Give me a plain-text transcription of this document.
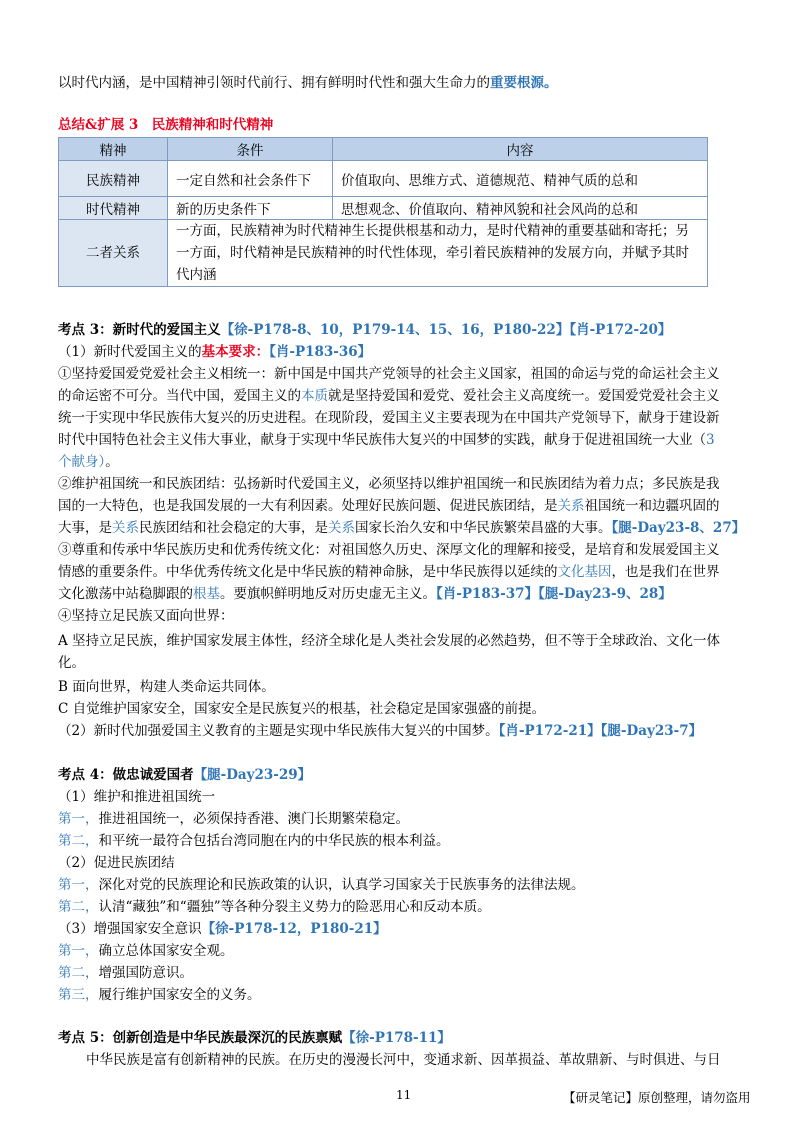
以时代内涵，是中国精神引领时代前行、拥有鲜明时代性和强大生命力的重要根源。
总结&扩展 3　民族精神和时代精神
精神	条件	内容
民族精神	一定自然和社会条件下	价值取向、思维方式、道德规范、精神气质的总和
时代精神	新的历史条件下	思想观念、价值取向、精神风貌和社会风尚的总和
二者关系	一方面，民族精神为时代精神生长提供根基和动力，是时代精神的重要基础和寄托；另
一方面，时代精神是民族精神的时代性体现，牵引着民族精神的发展方向，并赋予其时
代内涵	
考点 3：新时代的爱国主义【徐-P178-8、10，P179-14、15、16，P180-22】【肖-P172-20】
（1）新时代爱国主义的基本要求：【肖-P183-36】
①坚持爱国爱党爱社会主义相统一：新中国是中国共产党领导的社会主义国家，祖国的命运与党的命运社会主义
的命运密不可分。当代中国，爱国主义的本质就是坚持爱国和爱党、爱社会主义高度统一。爱国爱党爱社会主义
统一于实现中华民族伟大复兴的历史进程。在现阶段，爱国主义主要表现为在中国共产党领导下，献身于建设新
时代中国特色社会主义伟大事业，献身于实现中华民族伟大复兴的中国梦的实践，献身于促进祖国统一大业（3
个献身）。
②维护祖国统一和民族团结：弘扬新时代爱国主义，必须坚持以维护祖国统一和民族团结为着力点；多民族是我
国的一大特色，也是我国发展的一大有利因素。处理好民族问题、促进民族团结，是关系祖国统一和边疆巩固的
大事，是关系民族团结和社会稳定的大事，是关系国家长治久安和中华民族繁荣昌盛的大事。【腿-Day23-8、27】
③尊重和传承中华民族历史和优秀传统文化：对祖国悠久历史、深厚文化的理解和接受，是培育和发展爱国主义
情感的重要条件。中华优秀传统文化是中华民族的精神命脉，是中华民族得以延续的文化基因，也是我们在世界
文化激荡中站稳脚跟的根基。要旗帜鲜明地反对历史虚无主义。【肖-P183-37】【腿-Day23-9、28】
④坚持立足民族又面向世界：
A 坚持立足民族，维护国家发展主体性，经济全球化是人类社会发展的必然趋势，但不等于全球政治、文化一体
化。
B 面向世界，构建人类命运共同体。
C 自觉维护国家安全，国家安全是民族复兴的根基，社会稳定是国家强盛的前提。
（2）新时代加强爱国主义教育的主题是实现中华民族伟大复兴的中国梦。【肖-P172-21】【腿-Day23-7】
考点 4：做忠诚爱国者【腿-Day23-29】
（1）维护和推进祖国统一
第一，推进祖国统一，必须保持香港、澳门长期繁荣稳定。
第二，和平统一最符合包括台湾同胞在内的中华民族的根本利益。
（2）促进民族团结
第一，深化对党的民族理论和民族政策的认识，认真学习国家关于民族事务的法律法规。
第二，认清“藏独”和“疆独”等各种分裂主义势力的险恶用心和反动本质。
（3）增强国家安全意识【徐-P178-12，P180-21】
第一，确立总体国家安全观。
第二，增强国防意识。
第三，履行维护国家安全的义务。
考点 5：创新创造是中华民族最深沉的民族禀赋【徐-P178-11】
中华民族是富有创新精神的民族。在历史的漫漫长河中，变通求新、因革损益、革故鼎新、与时俱进、与日
11	【研灵笔记】原创整理，请勿盗用
